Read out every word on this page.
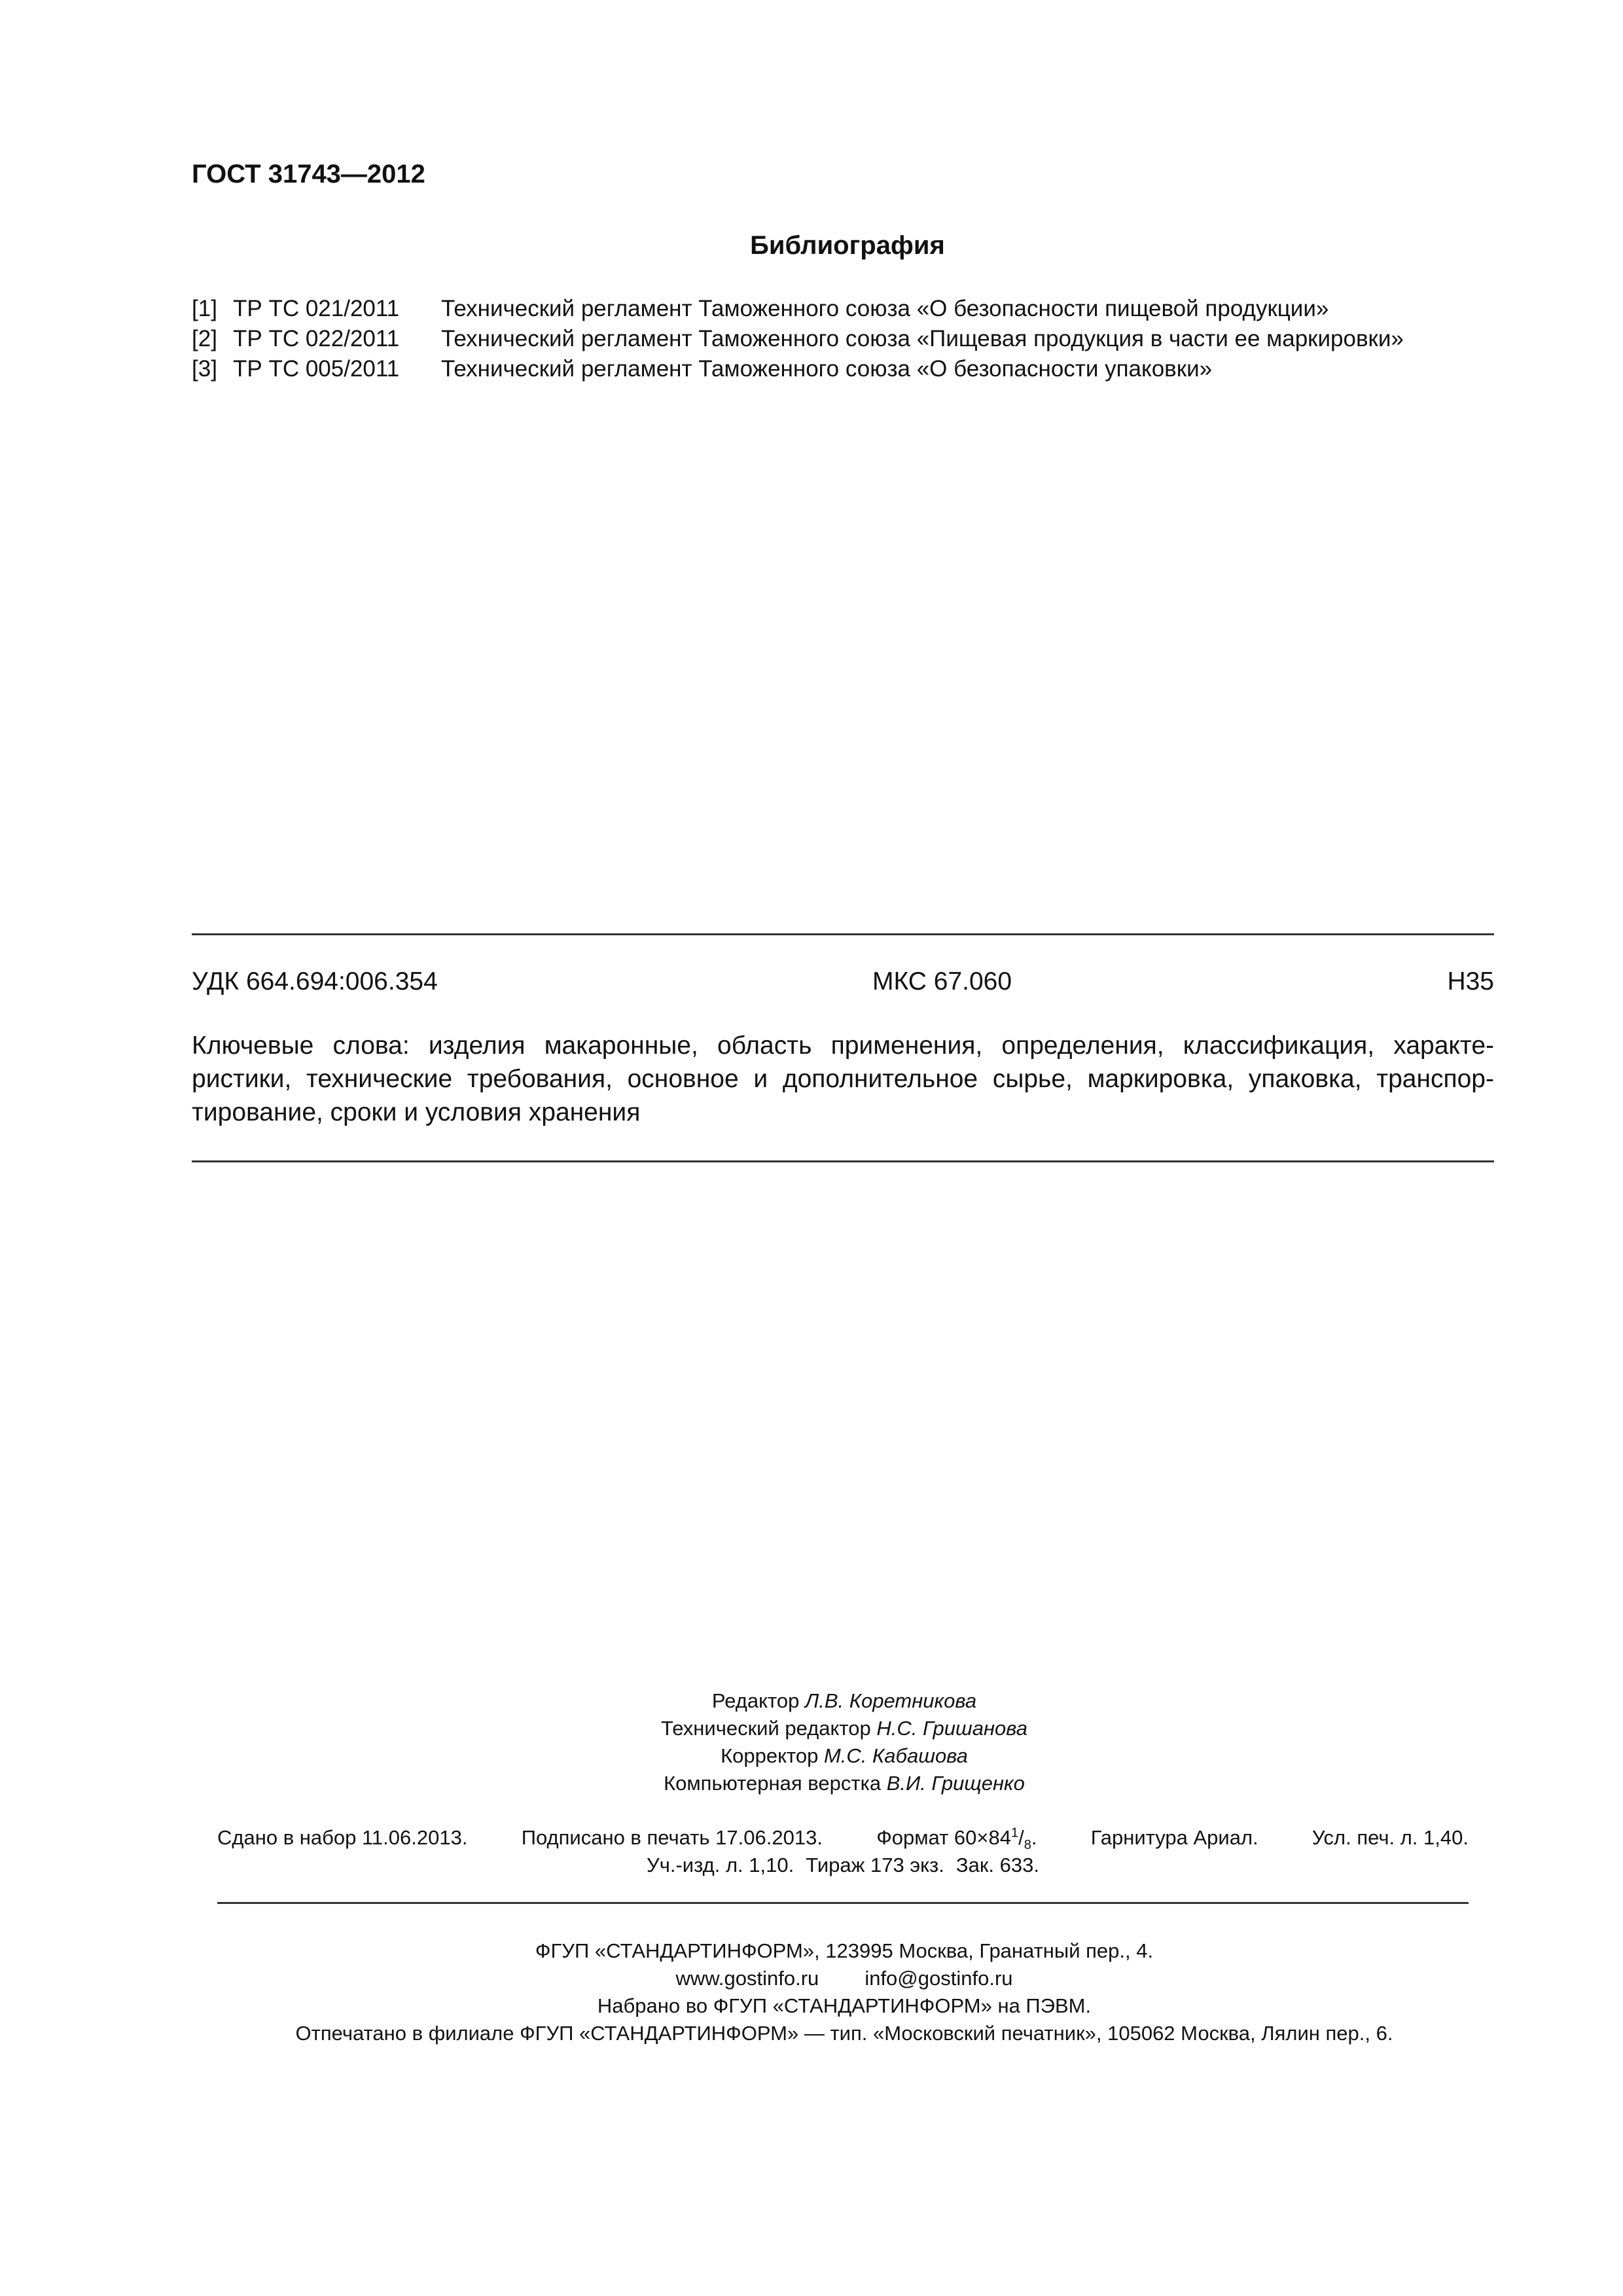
ГОСТ 31743—2012
Библиография
[1] ТР ТС 021/2011 Технический регламент Таможенного союза «О безопасности пищевой продукции»
[2] ТР ТС 022/2011 Технический регламент Таможенного союза «Пищевая продукция в части ее маркировки»
[3] ТР ТС 005/2011 Технический регламент Таможенного союза «О безопасности упаковки»
УДК 664.694:006.354	МКС 67.060	Н35
Ключевые слова: изделия макаронные, область применения, определения, классификация, характе-
ристики, технические требования, основное и дополнительное сырье, маркировка, упаковка, транспор-
тирование, сроки и условия хранения
Редактор Л.В. Коретникова
Технический редактор Н.С. Гришанова
Корректор М.С. Кабашова
Компьютерная верстка В.И. Грищенко
Сдано в набор 11.06.2013.	Подписано в печать 17.06.2013.	Формат $60\times 84^1/_8$.	Гарнитура Ариал.	Усл. печ. л. 1,40.
Уч.-изд. л. 1,10. Тираж 173 экз. Зак. 633.
ФГУП «СТАНДАРТИНФОРМ», 123995 Москва, Гранатный пер., 4.
www.gostinfo.ru info@gostinfo.ru
Набрано во ФГУП «СТАНДАРТИНФОРМ» на ПЭВМ.
Отпечатано в филиале ФГУП «СТАНДАРТИНФОРМ» — тип. «Московский печатник», 105062 Москва, Лялин пер., 6.
